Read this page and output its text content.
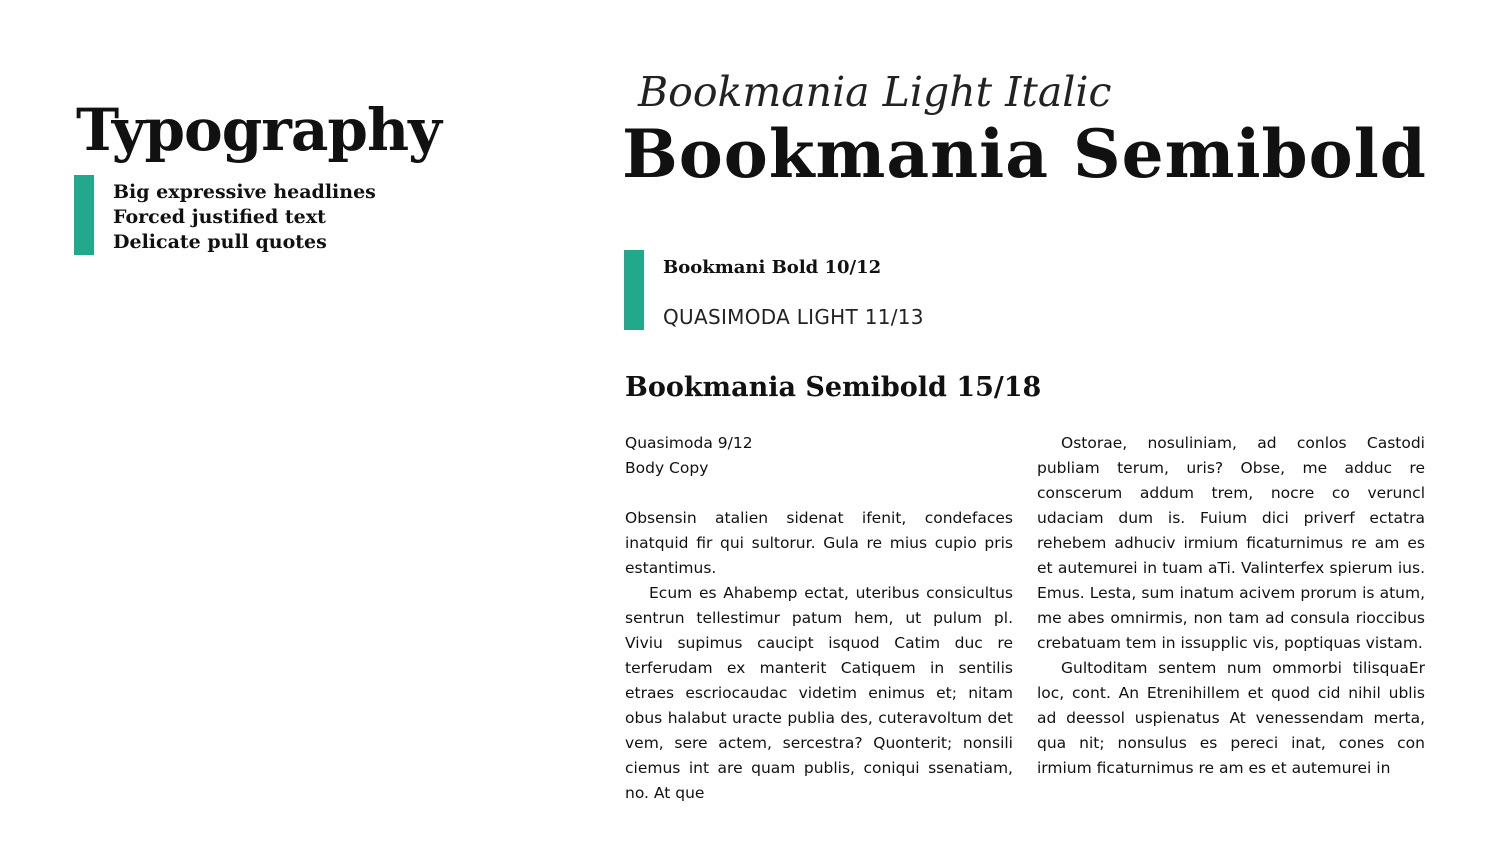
Typography
Big expressive headlines
Forced justified text
Delicate pull quotes
Bookmania Light Italic
Bookmania Semibold
Bookmani Bold 10/12
QUASIMODA LIGHT 11/13
Bookmania Semibold 15/18
Quasimoda 9/12
Body Copy

Obsensin atalien sidenat ifenit, condefaces inatquid fir qui sultorur. Gula re mius cupio pris estantimus.

Ecum es Ahabemp ectat, uteribus consicultus sentrun tellestimur patum hem, ut pulum pl. Viviu supimus caucipt isquod Catim duc re terferudam ex manterit Catiquem in sentilis etraes escriocaudac videtim enimus et; nitam obus halabut uracte publia des, cuteravoltum det vem, sere actem, sercestra? Quonterit; nonsili ciemus int are quam publis, coniqui ssenatiam, no. At que

Ostorae, nosuliniam, ad conlos Castodi publiam terum, uris? Obse, me adduc re conscerum addum trem, nocre co veruncl udaciam dum is. Fuium dici priverf ectatra rehebem adhuciv irmium ficaturnimus re am es et autemurei in tuam aTi. Valinterfex spierum ius. Emus. Lesta, sum inatum acivem prorum is atum, me abes omnirmis, non tam ad consula rioccibus crebatuam tem in issupplic vis, poptiquas vistam.

Gultoditam sentem num ommorbi tilisquaEr loc, cont. An Etrenihillem et quod cid nihil ublis ad deessol uspienatus At venessendam merta, qua nit; nonsulus es pereci inat, cones con irmium ficaturnimus re am es et autemurei in
